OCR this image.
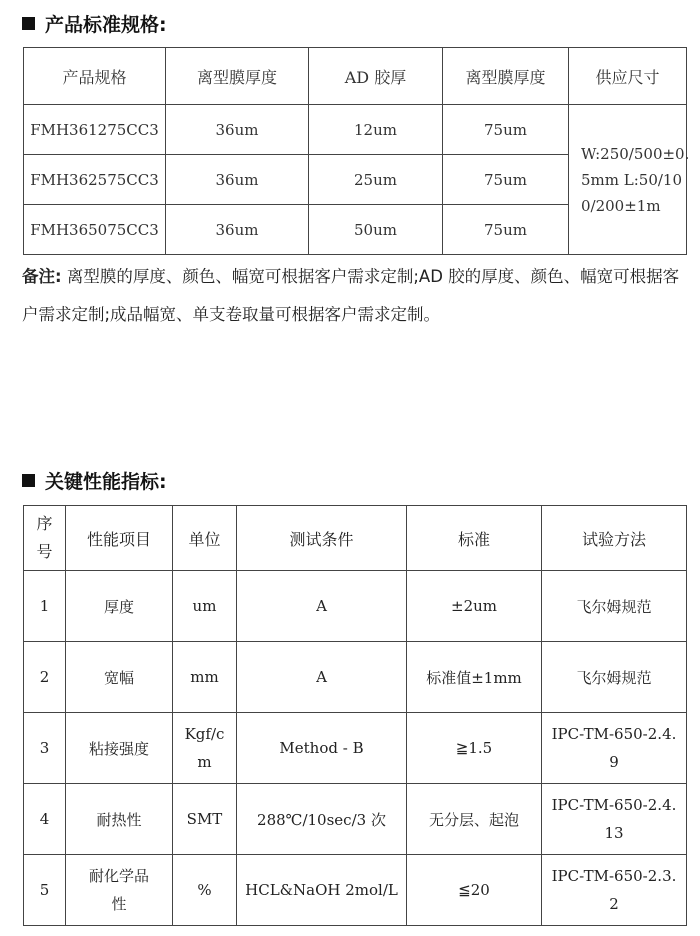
产品标准规格:
产品规格	离型膜厚度	AD 胶厚	离型膜厚度	供应尺寸
FMH361275CC3	36um	12um	75um	W:250/500±0.5mm L:50/100/200±1m

FMH362575CC3	36um	25um	75um	
FMH365075CC3	36um	50um	75um	
备注: 离型膜的厚度、颜色、幅宽可根据客户需求定制;AD 胶的厚度、颜色、幅宽可根据客户需求定制;成品幅宽、单支卷取量可根据客户需求定制。
关键性能指标:
序号	性能项目	单位	测试条件	标准	试验方法
1	厚度	um	A	±2um	飞尔姆规范
2	宽幅	mm	A	标准值±1mm	飞尔姆规范
3	粘接强度	Kgf/cm	Method - B	≧1.5	IPC-TM-650-2.4.9

4	耐热性	SMT	288℃/10sec/3 次	无分层、起泡	IPC-TM-650-2.4.13

5	耐化学品性	%	HCL&NaOH 2mol/L	≦20	IPC-TM-650-2.3.2
